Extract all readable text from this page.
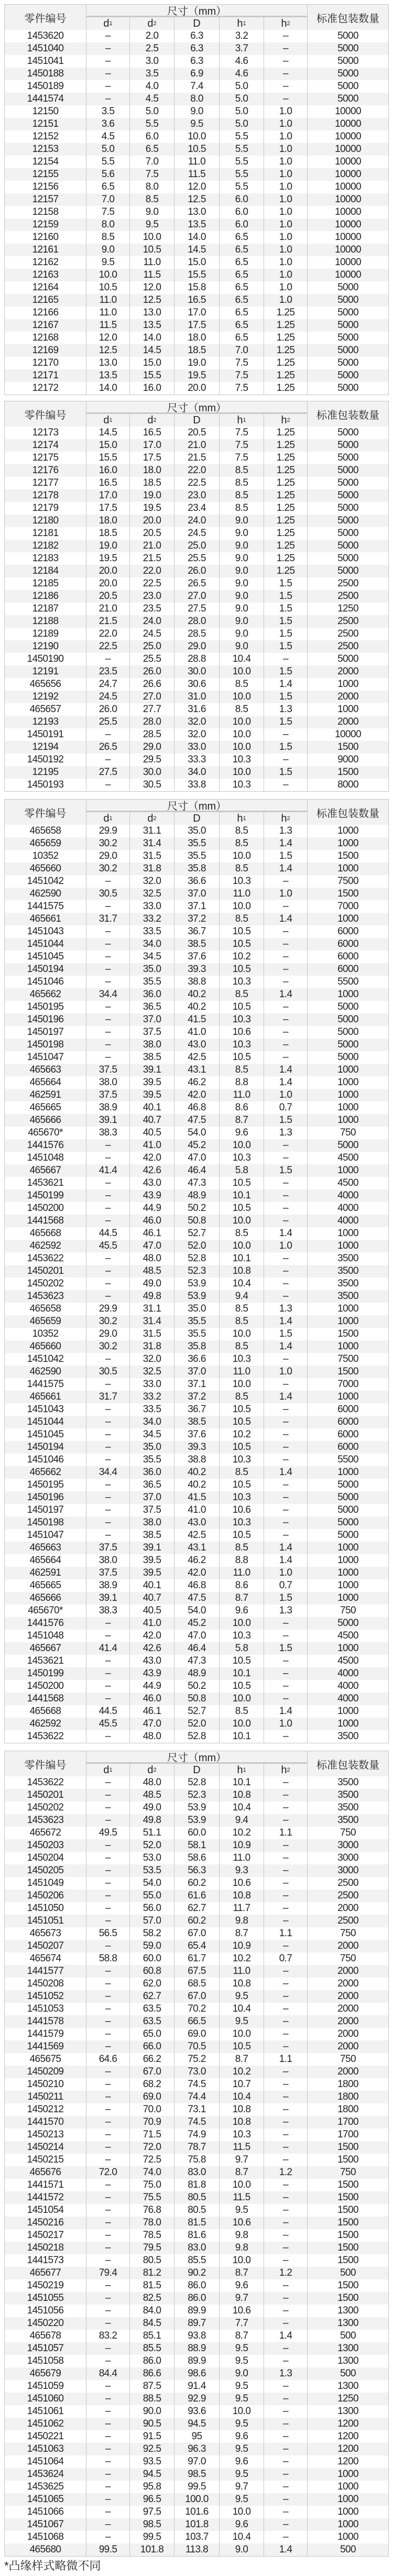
零件编号
尺寸（mm）
标准包装数量
d 1	d 2	D	h 1	h 2
1453620	–	2.0	6.3	3.2	–	5000
1451040	–	2.5	6.3	3.7	–	5000
1451041	–	3.0	6.3	4.6	–	5000
1450188	–	3.5	6.9	4.6	–	5000
1450189	–	4.0	7.4	5.0	–	5000
1441574	–	4.5	8.0	5.0	–	5000
12150	3.5	5.0	9.0	5.0	1.0	10000
12151	3.6	5.5	9.5	5.0	1.0	10000
12152	4.5	6.0	10.0	5.5	1.0	10000
12153	5.0	6.5	10.5	5.5	1.0	10000
12154	5.5	7.0	11.0	5.5	1.0	10000
12155	5.6	7.5	11.5	5.5	1.0	10000
12156	6.5	8.0	12.0	5.5	1.0	10000
12157	7.0	8.5	12.5	6.0	1.0	10000
12158	7.5	9.0	13.0	6.0	1.0	10000
12159	8.0	9.5	13.5	6.0	1.0	10000
12160	8.5	10.0	14.0	6.5	1.0	10000
12161	9.0	10.5	14.5	6.5	1.0	10000
12162	9.5	11.0	15.0	6.5	1.0	10000
12163	10.0	11.5	15.5	6.5	1.0	10000
12164	10.5	12.0	15.8	6.5	1.0	5000
12165	11.0	12.5	16.5	6.5	1.0	5000
12166	11.0	13.0	17.0	6.5	1.25	5000
12167	11.5	13.5	17.5	6.5	1.25	5000
12168	12.0	14.0	18.0	6.5	1.25	5000
12169	12.5	14.5	18.5	7.0	1.25	5000
12170	13.0	15.0	19.0	7.5	1.25	5000
12171	13.5	15.5	19.5	7.5	1.25	5000
12172	14.0	16.0	20.0	7.5	1.25	5000
零件编号
尺寸（mm）
标准包装数量
d 1	d 2	D	h 1	h 2
12173	14.5	16.5	20.5	7.5	1.25	5000
12174	15.0	17.0	21.0	7.5	1.25	5000
12175	15.5	17.5	21.5	7.5	1.25	5000
12176	16.0	18.0	22.0	8.5	1.25	5000
12177	16.5	18.5	22.5	8.5	1.25	5000
12178	17.0	19.0	23.0	8.5	1.25	5000
12179	17.5	19.5	23.4	8.5	1.25	5000
12180	18.0	20.0	24.0	9.0	1.25	5000
12181	18.5	20.5	24.5	9.0	1.25	5000
12182	19.0	21.0	25.0	9.0	1.25	5000
12183	19.5	21.5	25.5	9.0	1.25	5000
12184	20.0	22.0	26.0	9.0	1.25	5000
12185	20.0	22.5	26.5	9.0	1.5	2500
12186	20.5	23.0	27.0	9.0	1.5	2500
12187	21.0	23.5	27.5	9.0	1.5	1250
12188	21.5	24.0	28.0	9.0	1.5	2500
12189	22.0	24.5	28.5	9.0	1.5	2500
12190	22.5	25.0	29.0	9.0	1.5	2500
1450190	–	25.5	28.8	10.4	–	5000
12191	23.5	26.0	30.0	10.0	1.5	2000
465656	24.7	26.6	30.6	8.5	1.4	1000
12192	24.5	27.0	31.0	10.0	1.5	2000
465657	26.0	27.7	31.6	8.5	1.3	1000
12193	25.5	28.0	32.0	10.0	1.5	2000
1450191	–	28.5	32.0	10.0	–	10000
12194	26.5	29.0	33.0	10.0	1.5	1500
1450192	–	29.5	33.3	10.3	–	9000
12195	27.5	30.0	34.0	10.0	1.5	1500
1450193	–	30.5	33.8	10.3	–	8000
零件编号
尺寸（mm）
标准包装数量
d 1	d 2	D	h 1	h 2
465658	29.9	31.1	35.0	8.5	1.3	1000
465659	30.2	31.4	35.5	8.5	1.4	1000
10352	29.0	31.5	35.5	10.0	1.5	1500
465660	30.2	31.8	35.8	8.5	1.4	1000
1451042	–	32.0	36.6	10.3	–	7500
462590	30.5	32.5	37.0	11.0	1.0	1500
1441575	–	33.0	37.1	10.0	–	7000
465661	31.7	33.2	37.2	8.5	1.4	1000
1451043	–	33.5	36.7	10.5	–	6000
1451044	–	34.0	38.5	10.5	–	6000
1451045	–	34.5	37.6	10.2	–	6000
1450194	–	35.0	39.3	10.5	–	6000
1451046	–	35.5	38.8	10.3	–	5500
465662	34.4	36.0	40.2	8.5	1.4	1000
1450195	–	36.5	40.2	10.5	–	5000
1450196	–	37.0	41.5	10.3	–	5000
1450197	–	37.5	41.0	10.6	–	5000
1450198	–	38.0	43.0	10.3	–	5000
1451047	–	38.5	42.5	10.5	–	5000
465663	37.5	39.1	43.1	8.5	1.4	1000
465664	38.0	39.5	46.2	8.8	1.4	1000
462591	37.5	39.5	42.0	11.0	1.0	1000
465665	38.9	40.1	46.8	8.6	0.7	1000
465666	39.1	40.7	47.5	8.7	1.5	1000
465670*	38.3	40.5	54.0	9.6	1.3	750
1441576	–	41.0	45.2	10.0	–	5000
1451048	–	42.0	47.0	10.3	–	4500
465667	41.4	42.6	46.4	5.8	1.5	1000
1453621	–	43.0	47.3	10.5	–	4500
1450199	–	43.9	48.9	10.1	–	4000
1450200	–	44.9	50.2	10.5	–	4000
1441568	–	46.0	50.8	10.0	–	4000
465668	44.5	46.1	52.7	8.5	1.4	1000
462592	45.5	47.0	52.0	10.0	1.0	1000
1453622	–	48.0	52.8	10.1	–	3500
1450201	–	48.5	52.3	10.8	–	3500
1450202	–	49.0	53.9	10.4	–	3500
1453623	–	49.8	53.9	9.4	–	3500
465658	29.9	31.1	35.0	8.5	1.3	1000
465659	30.2	31.4	35.5	8.5	1.4	1000
10352	29.0	31.5	35.5	10.0	1.5	1500
465660	30.2	31.8	35.8	8.5	1.4	1000
1451042	–	32.0	36.6	10.3	–	7500
462590	30.5	32.5	37.0	11.0	1.0	1500
1441575	–	33.0	37.1	10.0	–	7000
465661	31.7	33.2	37.2	8.5	1.4	1000
1451043	–	33.5	36.7	10.5	–	6000
1451044	–	34.0	38.5	10.5	–	6000
1451045	–	34.5	37.6	10.2	–	6000
1450194	–	35.0	39.3	10.5	–	6000
1451046	–	35.5	38.8	10.3	–	5500
465662	34.4	36.0	40.2	8.5	1.4	1000
1450195	–	36.5	40.2	10.5	–	5000
1450196	–	37.0	41.5	10.3	–	5000
1450197	–	37.5	41.0	10.6	–	5000
1450198	–	38.0	43.0	10.3	–	5000
1451047	–	38.5	42.5	10.5	–	5000
465663	37.5	39.1	43.1	8.5	1.4	1000
465664	38.0	39.5	46.2	8.8	1.4	1000
462591	37.5	39.5	42.0	11.0	1.0	1000
465665	38.9	40.1	46.8	8.6	0.7	1000
465666	39.1	40.7	47.5	8.7	1.5	1000
465670*	38.3	40.5	54.0	9.6	1.3	750
1441576	–	41.0	45.2	10.0	–	5000
1451048	–	42.0	47.0	10.3	–	4500
465667	41.4	42.6	46.4	5.8	1.5	1000
1453621	–	43.0	47.3	10.5	–	4500
1450199	–	43.9	48.9	10.1	–	4000
1450200	–	44.9	50.2	10.5	–	4000
1441568	–	46.0	50.8	10.0	–	4000
465668	44.5	46.1	52.7	8.5	1.4	1000
462592	45.5	47.0	52.0	10.0	1.0	1000
1453622	–	48.0	52.8	10.1	–	3500
零件编号
尺寸（mm）
标准包装数量
d 1	d 2	D	h 1	h 2
1453622	–	48.0	52.8	10.1	–	3500
1450201	–	48.5	52.3	10.8	–	3500
1450202	–	49.0	53.9	10.4	–	3500
1453623	–	49.8	53.9	9.4	–	3500
465672	49.5	51.1	60.0	10.2	1.1	750
1450203	–	52.0	58.1	10.9	–	3000
1450204	–	53.0	58.6	11.0	–	3000
1450205	–	53.5	56.3	9.3	–	3000
1451049	–	54.0	60.2	10.6	–	2500
1450206	–	55.0	61.6	10.8	–	2500
1451050	–	56.0	62.7	11.7	–	2000
1451051	–	57.0	60.2	9.8	–	2500
465673	56.5	58.2	67.0	8.7	1.1	750
1450207	–	59.0	65.4	10.9	–	2000
465674	58.8	60.0	61.7	10.2	0.7	750
1441577	–	60.8	67.5	11.0	–	2000
1450208	–	62.0	68.5	10.8	–	2000
1451052	–	62.7	67.0	9.5	–	2000
1451053	–	63.5	70.2	10.4	–	2000
1441578	–	63.5	66.5	9.5	–	2000
1441579	–	65.0	69.0	10.0	–	2000
1441569	–	66.0	70.5	10.5	–	2000
465675	64.6	66.2	75.2	8.7	1.1	750
1450209	–	67.0	73.0	10.2	–	2000
1450210	–	68.2	74.5	10.7	–	1800
1450211	–	69.0	74.4	10.4	–	1800
1450212	–	70.0	73.1	10.8	–	1800
1441570	–	70.9	74.5	10.8	–	1700
1450213	–	71.5	74.9	10.3	–	1700
1450214	–	72.0	78.7	11.5	–	1500
1450215	–	72.5	75.8	9.7	–	1500
465676	72.0	74.0	83.0	8.7	1.2	750
1441571	–	75.0	81.8	10.0	–	1500
1441572	–	75.5	80.5	11.5	–	1500
1451054	–	76.8	80.5	9.5	–	1500
1450216	–	78.0	81.5	10.6	–	1500
1450217	–	78.5	81.6	9.8	–	1500
1450218	–	79.5	83.0	9.8	–	1500
1441573	–	80.5	85.5	10.0	–	1500
465677	79.4	81.2	90.2	8.7	1.2	500
1450219	–	81.5	86.0	9.6	–	1500
1451055	–	82.5	86.0	9.7	–	1500
1451056	–	84.0	89.9	10.6	–	1300
1450220	–	84.5	89.7	7.7	–	1300
465678	83.2	85.1	93.8	8.7	1.4	500
1451057	–	85.5	88.9	9.5	–	1300
1451058	–	86.0	89.9	9.5	–	1300
465679	84.4	86.6	98.6	9.0	1.3	500
1451059	–	87.5	91.4	9.5	–	1300
1451060	–	88.5	92.9	9.5	–	1250
1451061	–	90.0	93.6	10.0	–	1300
1451062	–	90.5	94.5	9.5	–	1200
1450221	–	91.5	95	9.6	–	1200
1451063	–	92.5	96.3	9.5	–	1200
1451064	–	93.5	97.0	9.6	–	1200
1453624	–	94.5	98.5	9.5	–	1000
1453625	–	95.8	99.5	9.7	–	1000
1451065	–	96.5	100.0	9.5	–	1000
1451066	–	97.5	101.6	10.0	–	1000
1451067	–	98.5	101.8	9.6	–	1000
1451068	–	99.5	103.7	10.4	–	1000
465680	99.5	101.8	113.8	9.0	1.4	500
*凸缘样式略微不同
